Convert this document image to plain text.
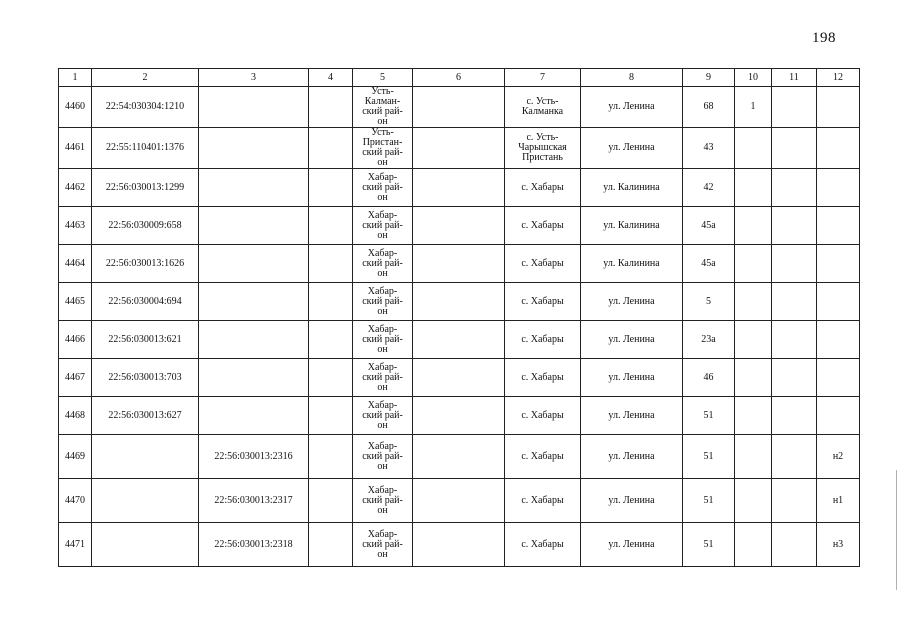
198
1	2	3	4	5	6	7	8	9	10	11	12
4460	22:54:030304:1210			Усть-
Калман-
ский рай-
он		с. Усть-
Калманка	ул. Ленина	68	1		
4461	22:55:110401:1376			Усть-
Пристан-
ский рай-
он		с. Усть-
Чарышская
Пристань	ул. Ленина	43			
4462	22:56:030013:1299			Хабар-
ский рай-
он		с. Хабары	ул. Калинина	42			
4463	22:56:030009:658			Хабар-
ский рай-
он		с. Хабары	ул. Калинина	45а			
4464	22:56:030013:1626			Хабар-
ский рай-
он		с. Хабары	ул. Калинина	45а			
4465	22:56:030004:694			Хабар-
ский рай-
он		с. Хабары	ул. Ленина	5			
4466	22:56:030013:621			Хабар-
ский рай-
он		с. Хабары	ул. Ленина	23а			
4467	22:56:030013:703			Хабар-
ский рай-
он		с. Хабары	ул. Ленина	46			
4468	22:56:030013:627			Хабар-
ский рай-
он		с. Хабары	ул. Ленина	51			
4469		22:56:030013:2316		Хабар-
ский рай-
он		с. Хабары	ул. Ленина	51			н2
4470		22:56:030013:2317		Хабар-
ский рай-
он		с. Хабары	ул. Ленина	51			н1
4471		22:56:030013:2318		Хабар-
ский рай-
он		с. Хабары	ул. Ленина	51			н3
